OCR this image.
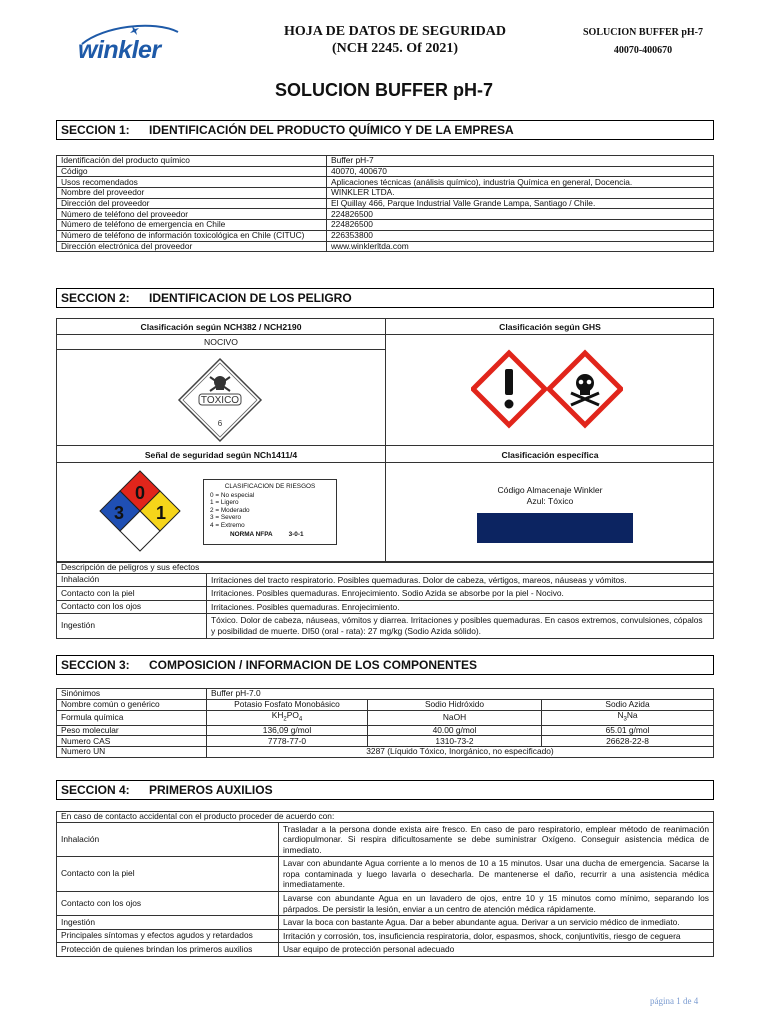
winkler
HOJA DE DATOS DE SEGURIDAD
(NCH 2245. Of 2021)
SOLUCION BUFFER pH-7
40070-400670
SOLUCION BUFFER pH-7
SECCION 1: IDENTIFICACIÓN DEL PRODUCTO QUÍMICO Y DE LA EMPRESA
Identificación del producto químico	Buffer pH-7
Código	40070, 400670
Usos recomendados	Aplicaciones técnicas (análisis químico), industria Química en general, Docencia.
Nombre del proveedor	WINKLER LTDA.
Dirección del proveedor	El Quillay 466, Parque Industrial Valle Grande Lampa, Santiago / Chile.
Número de teléfono del proveedor	224826500
Número de teléfono de emergencia en Chile	224826500
Número de teléfono de información toxicológica en Chile (CITUC)	226353800
Dirección electrónica del proveedor	www.winklerltda.com
SECCION 2: IDENTIFICACION DE LOS PELIGRO
Clasificación según NCH382 / NCH2190	Clasificación según GHS
NOCIVO
TOXICO
6
Señal de seguridad según NCh1411/4	Clasificación específica
0
3 1
CLASIFICACION DE RIESGOS
0 = No especial
1 = Ligero
2 = Moderado
3 = Severo
4 = Extremo
NORMA NFPA	3-0-1
Código Almacenaje Winkler
Azul: Tóxico
Descripción de peligros y sus efectos	
Inhalación	Irritaciones del tracto respiratorio. Posibles quemaduras. Dolor de cabeza, vértigos, mareos, náuseas y vómitos.
Contacto con la piel	Irritaciones. Posibles quemaduras. Enrojecimiento. Sodio Azida se absorbe por la piel - Nocivo.
Contacto con los ojos	Irritaciones. Posibles quemaduras. Enrojecimiento.
Ingestión	Tóxico. Dolor de cabeza, náuseas, vómitos y diarrea. Irritaciones y posibles quemaduras. En casos extremos, convulsiones, cópalos y posibilidad de muerte. DI50 (oral - rata): 27 mg/kg (Sodio Azida sólido).
SECCION 3: COMPOSICION / INFORMACION DE LOS COMPONENTES
Sinónimos	Buffer pH-7.0		
Nombre común o genérico	Potasio Fosfato Monobásico	Sodio Hidróxido	Sodio Azida
Formula química	$KH_2PO_4$	NaOH	$N_3Na$
Peso molecular	136,09 g/mol	40.00 g/mol	65.01 g/mol
Numero CAS	7778-77-0	1310-73-2	26628-22-8
Numero UN	3287 (Líquido Tóxico, Inorgánico, no especificado)		
SECCION 4: PRIMEROS AUXILIOS
En caso de contacto accidental con el producto proceder de acuerdo con:	
Inhalación	Trasladar a la persona donde exista aire fresco. En caso de paro respiratorio, emplear método de reanimación cardiopulmonar. Si respira dificultosamente se debe suministrar Oxígeno. Conseguir asistencia médica de inmediato.
Contacto con la piel	Lavar con abundante Agua corriente a lo menos de 10 a 15 minutos. Usar una ducha de emergencia. Sacarse la ropa contaminada y luego lavarla o desecharla. De mantenerse el daño, recurrir a una asistencia médica inmediatamente.
Contacto con los ojos	Lavarse con abundante Agua en un lavadero de ojos, entre 10 y 15 minutos como mínimo, separando los párpados. De persistir la lesión, enviar a un centro de atención médica rápidamente.
Ingestión	Lavar la boca con bastante Agua. Dar a beber abundante agua. Derivar a un servicio médico de inmediato.
Principales síntomas y efectos agudos y retardados	Irritación y corrosión, tos, insuficiencia respiratoria, dolor, espasmos, shock, conjuntivitis, riesgo de ceguera
Protección de quienes brindan los primeros auxilios	Usar equipo de protección personal adecuado
página 1 de 4
